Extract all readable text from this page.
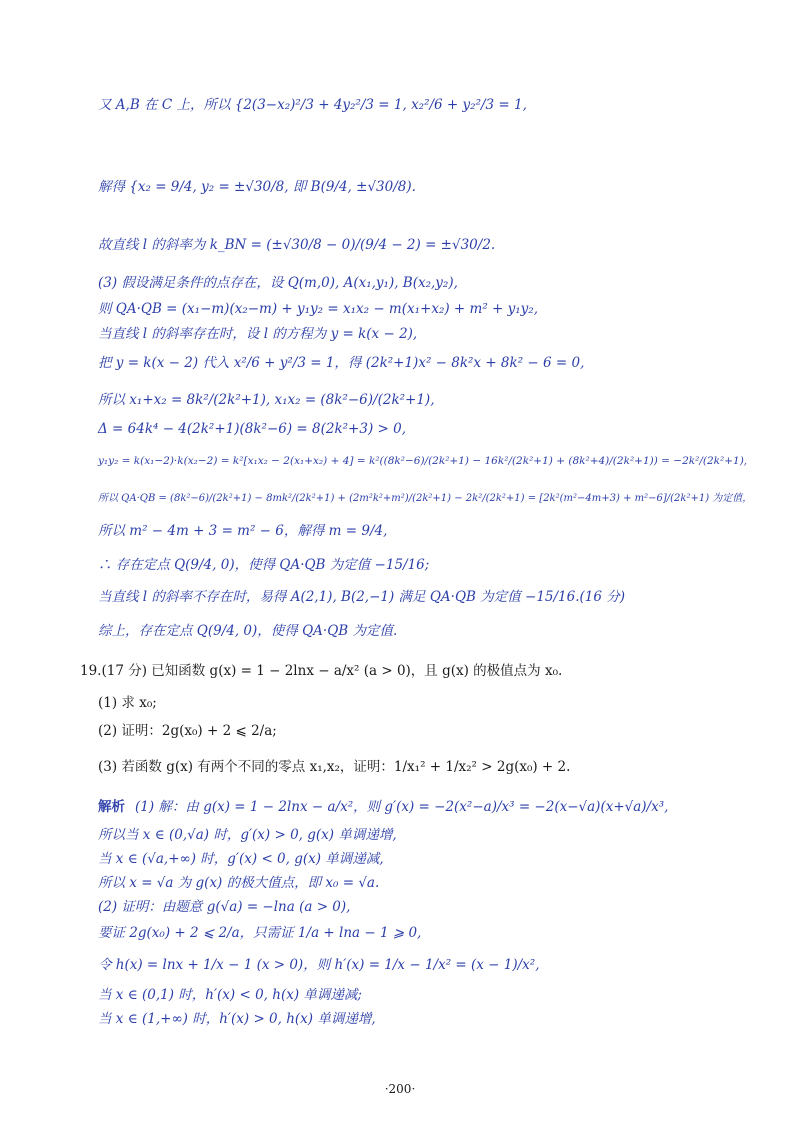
又 A,B 在 C 上，所以 {2(3−x₂)²/3 + 4y₂²/3 = 1, x₂²/6 + y₂²/3 = 1,
解得 {x₂ = 9/4, y₂ = ±√30/8, 即 B(9/4, ±√30/8).
故直线 l 的斜率为 k_BN = (±√30/8 − 0)/(9/4 − 2) = ±√30/2.
(3) 假设满足条件的点存在，设 Q(m,0), A(x₁,y₁), B(x₂,y₂),
则 QA·QB = (x₁−m)(x₂−m) + y₁y₂ = x₁x₂ − m(x₁+x₂) + m² + y₁y₂,
当直线 l 的斜率存在时，设 l 的方程为 y = k(x − 2),
把 y = k(x − 2) 代入 x²/6 + y²/3 = 1，得 (2k²+1)x² − 8k²x + 8k² − 6 = 0,
所以 x₁+x₂ = 8k²/(2k²+1), x₁x₂ = (8k²−6)/(2k²+1),
Δ = 64k⁴ − 4(2k²+1)(8k²−6) = 8(2k²+3) > 0,
y₁y₂ = k(x₁−2)·k(x₂−2) = k²[x₁x₂ − 2(x₁+x₂) + 4] = k²((8k²−6)/(2k²+1) − 16k²/(2k²+1) + (8k²+4)/(2k²+1)) = −2k²/(2k²+1),
所以 QA·QB = (8k²−6)/(2k²+1) − 8mk²/(2k²+1) + (2m²k²+m²)/(2k²+1) − 2k²/(2k²+1) = [2k²(m²−4m+3) + m²−6]/(2k²+1) 为定值，
所以 m² − 4m + 3 = m² − 6，解得 m = 9/4,
∴ 存在定点 Q(9/4, 0)，使得 QA·QB 为定值 −15/16;
当直线 l 的斜率不存在时，易得 A(2,1), B(2,−1) 满足 QA·QB 为定值 −15/16.(16 分)
综上，存在定点 Q(9/4, 0)，使得 QA·QB 为定值.
19.(17 分) 已知函数 g(x) = 1 − 2lnx − a/x² (a > 0)，且 g(x) 的极值点为 x₀.
(1) 求 x₀;
(2) 证明：2g(x₀) + 2 ⩽ 2/a;
(3) 若函数 g(x) 有两个不同的零点 x₁,x₂，证明：1/x₁² + 1/x₂² > 2g(x₀) + 2.
解析 (1) 解：由 g(x) = 1 − 2lnx − a/x²，则 g′(x) = −2(x²−a)/x³ = −2(x−√a)(x+√a)/x³,
所以当 x ∈ (0,√a) 时，g′(x) > 0, g(x) 单调递增,
当 x ∈ (√a,+∞) 时，g′(x) < 0, g(x) 单调递减,
所以 x = √a 为 g(x) 的极大值点，即 x₀ = √a.
(2) 证明：由题意 g(√a) = −lna (a > 0),
要证 2g(x₀) + 2 ⩽ 2/a，只需证 1/a + lna − 1 ⩾ 0,
令 h(x) = lnx + 1/x − 1 (x > 0)，则 h′(x) = 1/x − 1/x² = (x − 1)/x²,
当 x ∈ (0,1) 时，h′(x) < 0, h(x) 单调递减;
当 x ∈ (1,+∞) 时，h′(x) > 0, h(x) 单调递增,
·200·
